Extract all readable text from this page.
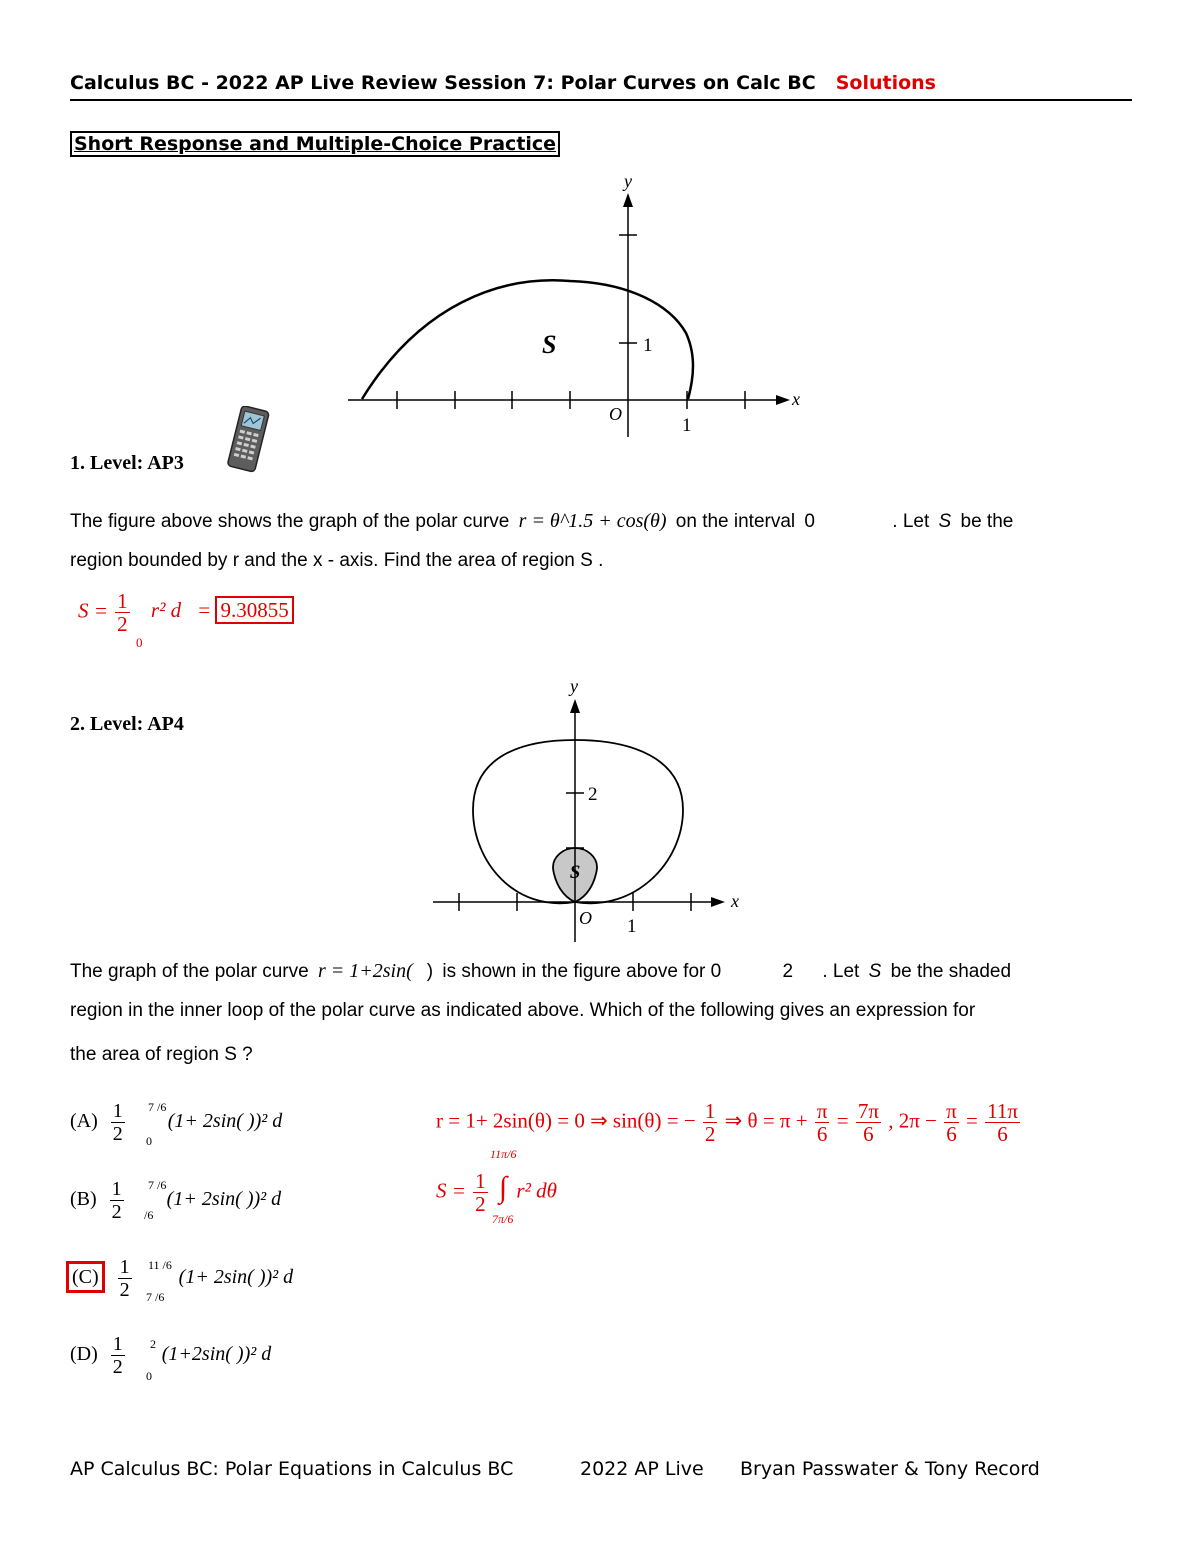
Calculus BC - 2022 AP Live Review Session 7: Polar Curves on Calc BC Solutions
Short Response and Multiple-Choice Practice
S	1
1
O
x
y
1. Level: AP3
The figure above shows the graph of the polar curve r = θ^1.5 + cos(θ) on the interval 0	. Let S be the
region bounded by r and the x - axis. Find the area of region S .
$S = \frac{1}{2} r^2$ d = 9.30855
0
2. Level: AP4
S
2
1
O
x
y
The graph of the polar curve r = 1+2sin( ) is shown in the figure above for 0	2 . Let S be the shaded
region in the inner loop of the polar curve as indicated above. Which of the following gives an expression for
the area of region S ?
$(A) \frac{1}{2}$
7 /6
0
(1+ 2sin( ))² d
$(B) \frac{1}{2}$
7 /6
/6
(1+ 2sin( ))² d
$(C) \frac{1}{2}$
11 /6
7 /6
(1+ 2sin( ))² d
$(D) \frac{1}{2}$
2
0
(1+2sin( ))² d
r = 1+ 2sin(θ) = 0 ⇒ sin(θ) = − $\frac{1}{2}$ ⇒ $\theta = \pi + \frac{\pi}{6} = \frac{7\pi}{6}$ , $2\pi - \frac{\pi}{6} = \frac{11\pi}{6}$
$S = \frac{1}{2}$ ∫ r² dθ
11π/6
7π/6
AP Calculus BC: Polar Equations in Calculus BC	2022 AP Live Bryan Passwater & Tony Record
